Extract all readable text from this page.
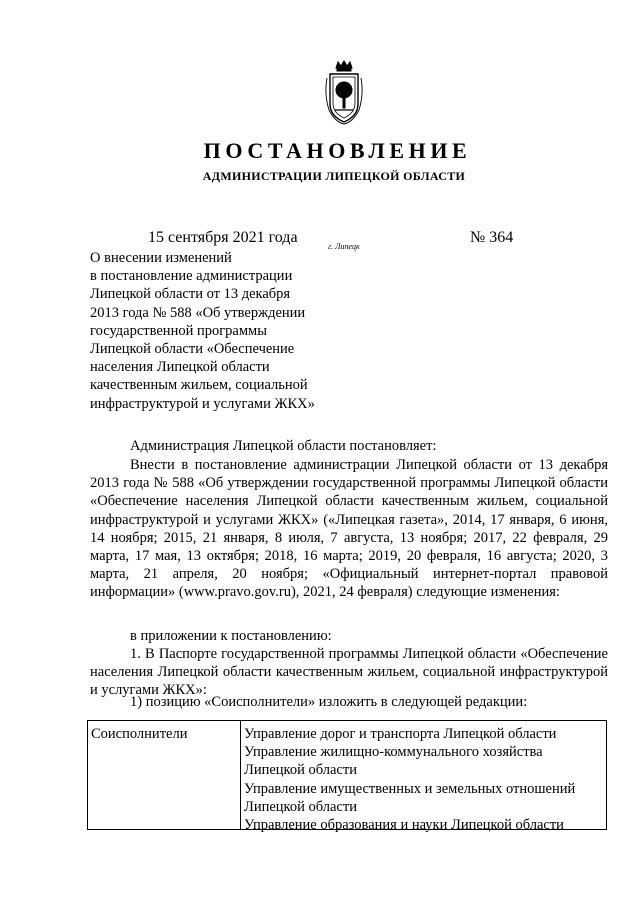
ПОСТАНОВЛЕНИЕ
АДМИНИСТРАЦИИ ЛИПЕЦКОЙ ОБЛАСТИ
15 сентября 2021 года
г. Липецк
№ 364
О внесении изменений
в постановление администрации
Липецкой области от 13 декабря
2013 года № 588 «Об утверждении
государственной программы
Липецкой области «Обеспечение
населения Липецкой области
качественным жильем, социальной
инфраструктурой и услугами ЖКХ»
Администрация Липецкой области постановляет:
Внести в постановление администрации Липецкой области от 13 декабря 2013 года № 588 «Об утверждении государственной программы Липецкой области «Обеспечение населения Липецкой области качественным жильем, социальной инфраструктурой и услугами ЖКХ» («Липецкая газета», 2014, 17 января, 6 июня, 14 ноября; 2015, 21 января, 8 июля, 7 августа, 13 ноября; 2017, 22 февраля, 29 марта, 17 мая, 13 октября; 2018, 16 марта; 2019, 20 февраля, 16 августа; 2020, 3 марта, 21 апреля, 20 ноября; «Официальный интернет-портал правовой информации» (www.pravo.gov.ru), 2021, 24 февраля) следующие изменения:
в приложении к постановлению:
1. В Паспорте государственной программы Липецкой области «Обеспечение населения Липецкой области качественным жильем, социальной инфраструктурой и услугами ЖКХ»:
1) позицию «Соисполнители» изложить в следующей редакции:
Соисполнители	Управление дорог и транспорта Липецкой области
Управление жилищно-коммунального хозяйства Липецкой области
Управление имущественных и земельных отношений Липецкой области
Управление образования и науки Липецкой области
